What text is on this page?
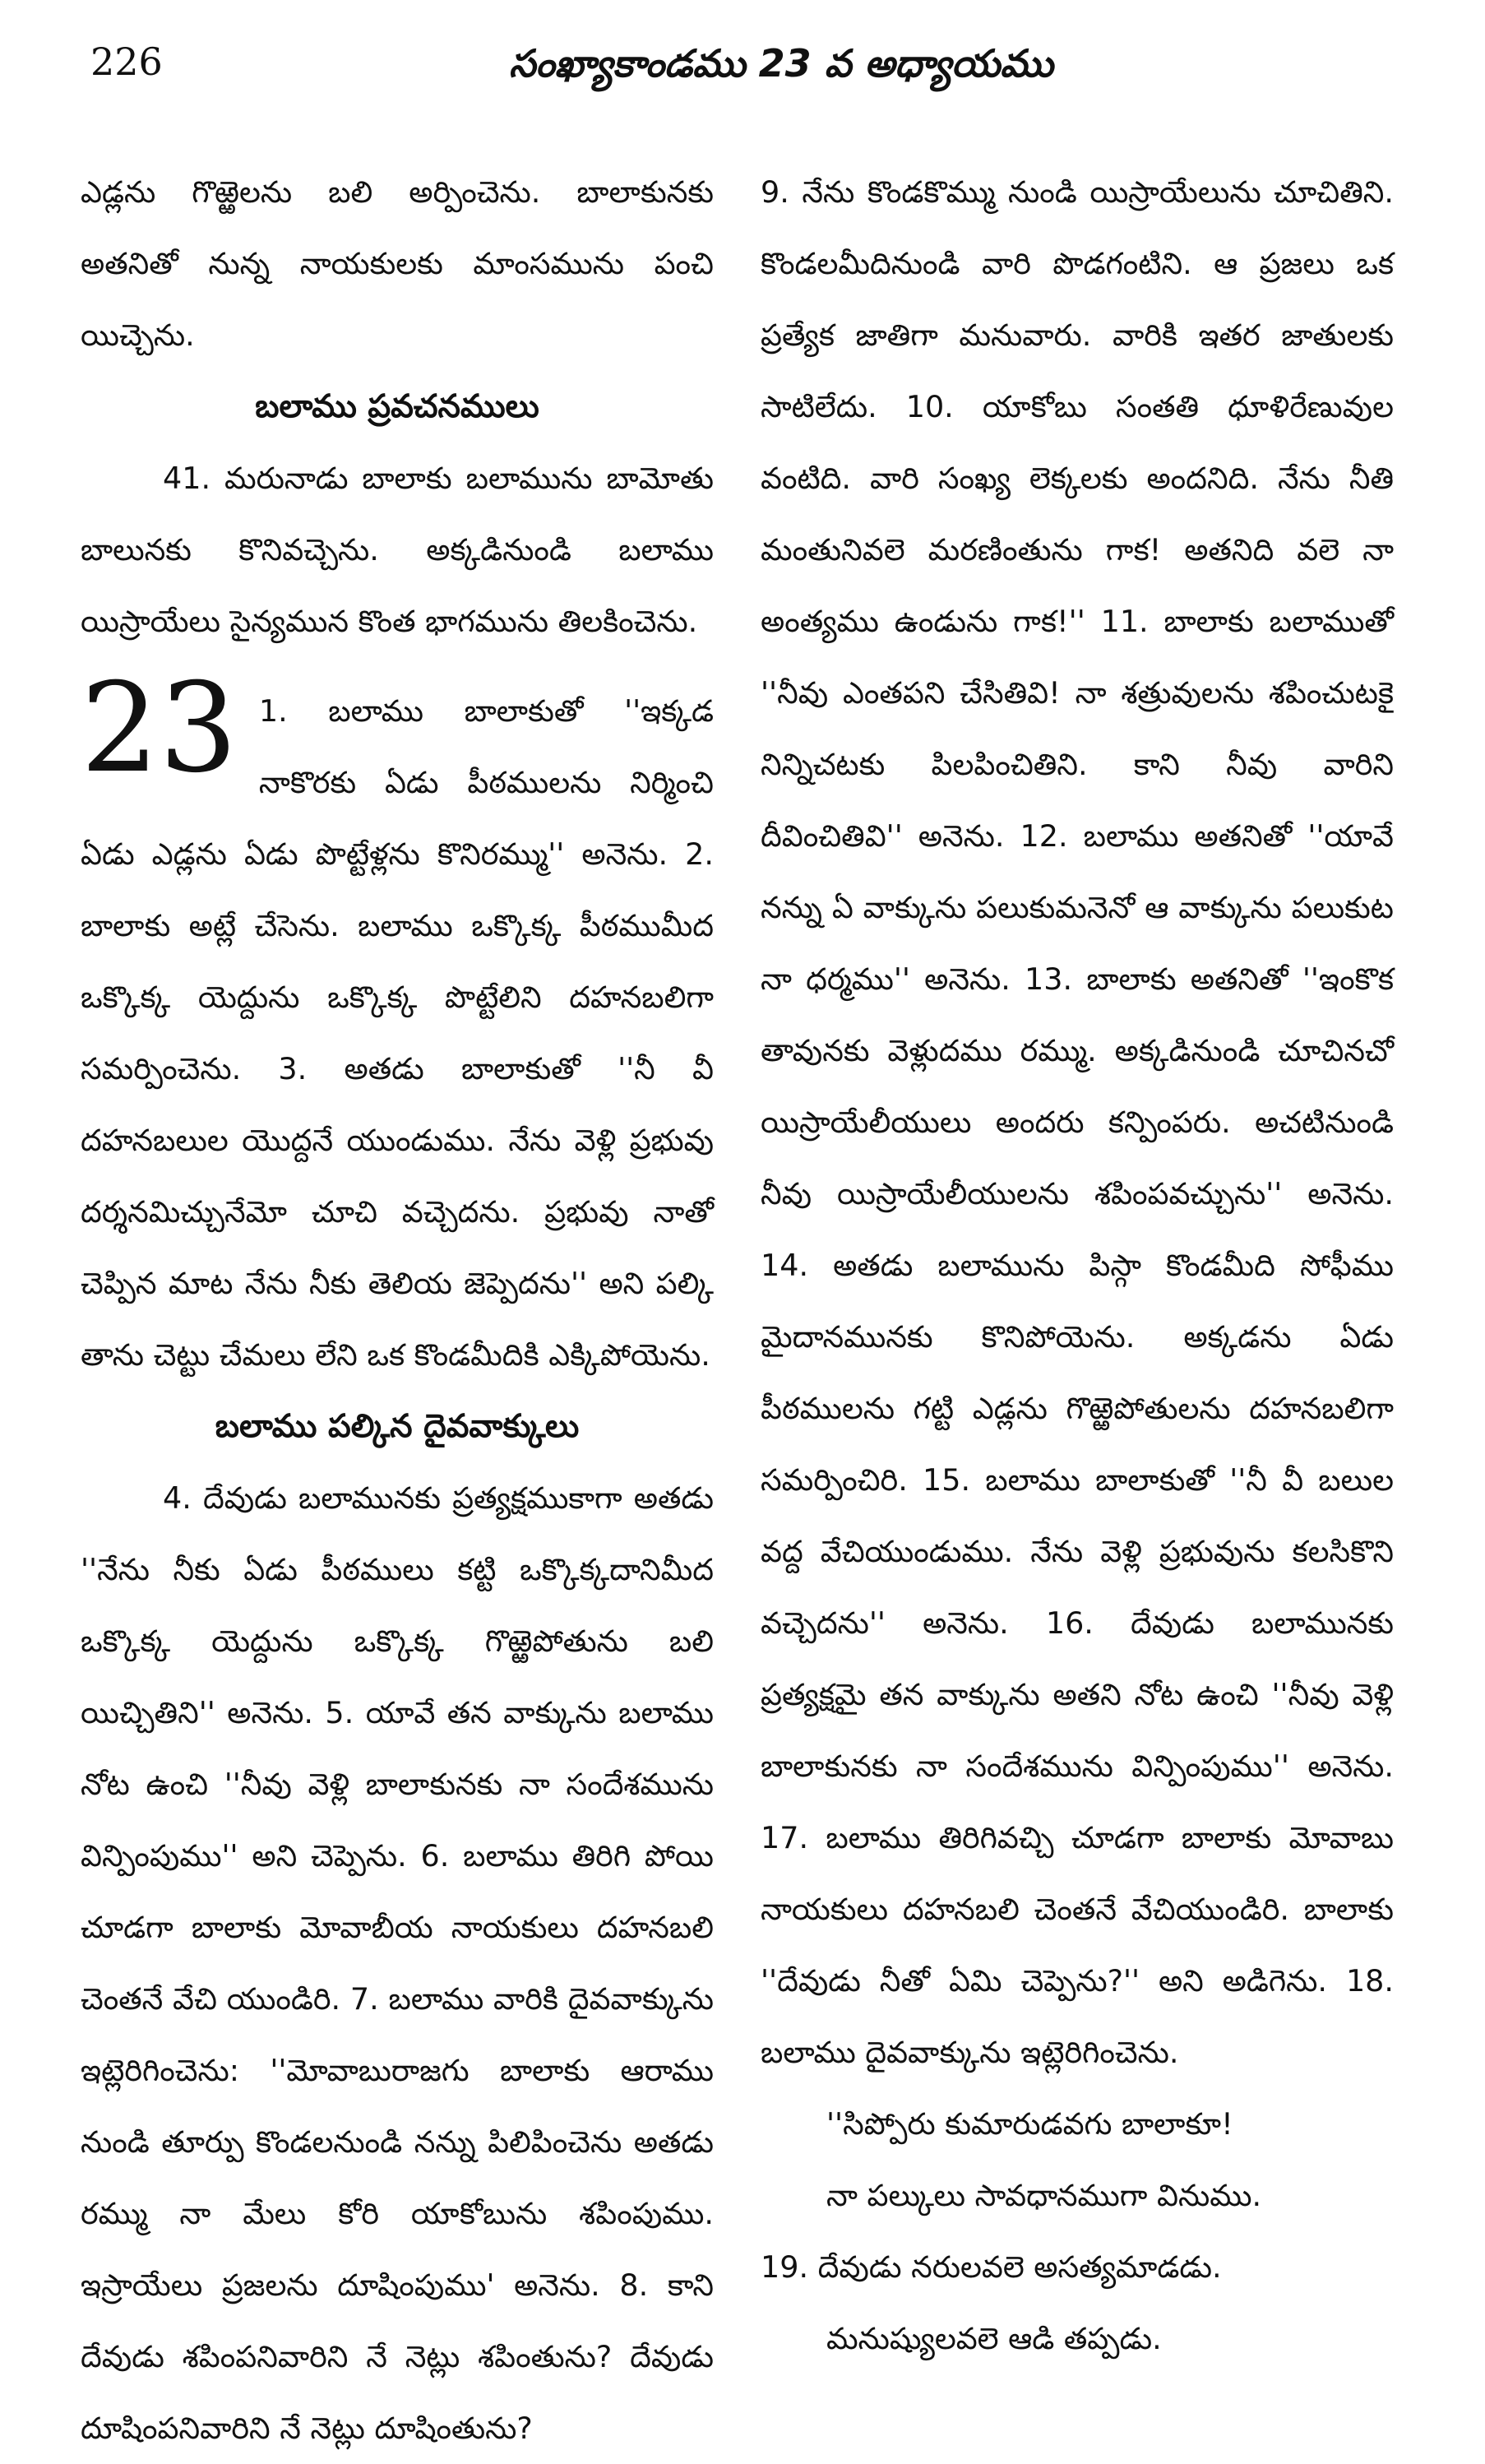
226	సంఖ్యాకాండము 23 వ అధ్యాయము

ఎడ్లను గొఱ్ఱెలను బలి అర్పించెను. బాలాకునకు అతనితో నున్న నాయకులకు మాంసమును పంచి యిచ్చెను.

బలాము ప్రవచనములు

41. మరునాడు బాలాకు బలామును బామోతు బాలునకు కొనివచ్చెను. అక్కడినుండి బలాము యిస్రాయేలు సైన్యమున కొంత భాగమును తిలకించెను.

23 1. బలాము బాలాకుతో ''ఇక్కడ నాకొరకు ఏడు పీఠములను నిర్మించి ఏడు ఎడ్లను ఏడు పొట్టేళ్లను కొనిరమ్ము'' అనెను. 2. బాలాకు అట్లే చేసెను. బలాము ఒక్కొక్క పీఠముమీద ఒక్కొక్క యెద్దును ఒక్కొక్క పొట్టేలిని దహనబలిగా సమర్పించెను. 3. అతడు బాలాకుతో ''నీ వీ దహనబలుల యొద్దనే యుండుము. నేను వెళ్లి ప్రభువు దర్శనమిచ్చునేమో చూచి వచ్చెదను. ప్రభువు నాతో చెప్పిన మాట నేను నీకు తెలియ జెప్పెదను'' అని పల్కి తాను చెట్టు చేమలు లేని ఒక కొండమీదికి ఎక్కిపోయెను.

బలాము పల్కిన దైవవాక్కులు

4. దేవుడు బలామునకు ప్రత్యక్షముకాగా అతడు ''నేను నీకు ఏడు పీఠములు కట్టి ఒక్కొక్కదానిమీద ఒక్కొక్క యెద్దును ఒక్కొక్క గొఱ్ఱెపోతును బలి యిచ్చితిని'' అనెను. 5. యావే తన వాక్కును బలాము నోట ఉంచి ''నీవు వెళ్లి బాలాకునకు నా సందేశమును విన్పింపుము'' అని చెప్పెను. 6. బలాము తిరిగి పోయి చూడగా బాలాకు మోవాబీయ నాయకులు దహనబలి చెంతనే వేచి యుండిరి. 7. బలాము వారికి దైవవాక్కును ఇట్లెరిగించెను: ''మోవాబురాజగు బాలాకు ఆరాము నుండి తూర్పు కొండలనుండి నన్ను పిలిపించెను అతడు రమ్ము నా మేలు కోరి యాకోబును శపింపుము. ఇస్రాయేలు ప్రజలను దూషింపుము' అనెను. 8. కాని దేవుడు శపింపనివారిని నే నెట్లు శపింతును? దేవుడు దూషింపనివారిని నే నెట్లు దూషింతును?

9. నేను కొండకొమ్ము నుండి యిస్రాయేలును చూచితిని. కొండలమీదినుండి వారి పొడగంటిని. ఆ ప్రజలు ఒక ప్రత్యేక జాతిగా మనువారు. వారికి ఇతర జాతులకు సాటిలేదు. 10. యాకోబు సంతతి ధూళిరేణువుల వంటిది. వారి సంఖ్య లెక్కలకు అందనిది. నేను నీతి మంతునివలె మరణింతును గాక! అతనిది వలె నా అంత్యము ఉండును గాక!'' 11. బాలాకు బలాముతో ''నీవు ఎంతపని చేసితివి! నా శత్రువులను శపించుటకై నిన్నిచటకు పిలపించితిని. కాని నీవు వారిని దీవించితివి'' అనెను. 12. బలాము అతనితో ''యావే నన్ను ఏ వాక్కును పలుకుమనెనో ఆ వాక్కును పలుకుట నా ధర్మము'' అనెను. 13. బాలాకు అతనితో ''ఇంకొక తావునకు వెళ్లుదము రమ్ము. అక్కడినుండి చూచినచో యిస్రాయేలీయులు అందరు కన్పింపరు. అచటినుండి నీవు యిస్రాయేలీయులను శపింపవచ్చును'' అనెను. 14. అతడు బలామును పిస్గా కొండమీది సోఫీము మైదానమునకు కొనిపోయెను. అక్కడను ఏడు పీఠములను గట్టి ఎడ్లను గొఱ్ఱెపోతులను దహనబలిగా సమర్పించిరి. 15. బలాము బాలాకుతో ''నీ వీ బలుల వద్ద వేచియుండుము. నేను వెళ్లి ప్రభువును కలసికొని వచ్చెదను'' అనెను. 16. దేవుడు బలామునకు ప్రత్యక్షమై తన వాక్కును అతని నోట ఉంచి ''నీవు వెళ్లి బాలాకునకు నా సందేశమును విన్పింపుము'' అనెను. 17. బలాము తిరిగివచ్చి చూడగా బాలాకు మోవాబు నాయకులు దహనబలి చెంతనే వేచియుండిరి. బాలాకు ''దేవుడు నీతో ఏమి చెప్పెను?'' అని అడిగెను. 18. బలాము దైవవాక్కును ఇట్లెరిగించెను.

''సిప్పోరు కుమారుడవగు బాలాకూ!

నా పల్కులు సావధానముగా వినుము.

19. దేవుడు నరులవలె అసత్యమాడడు.

మనుష్యులవలె ఆడి తప్పడు.
